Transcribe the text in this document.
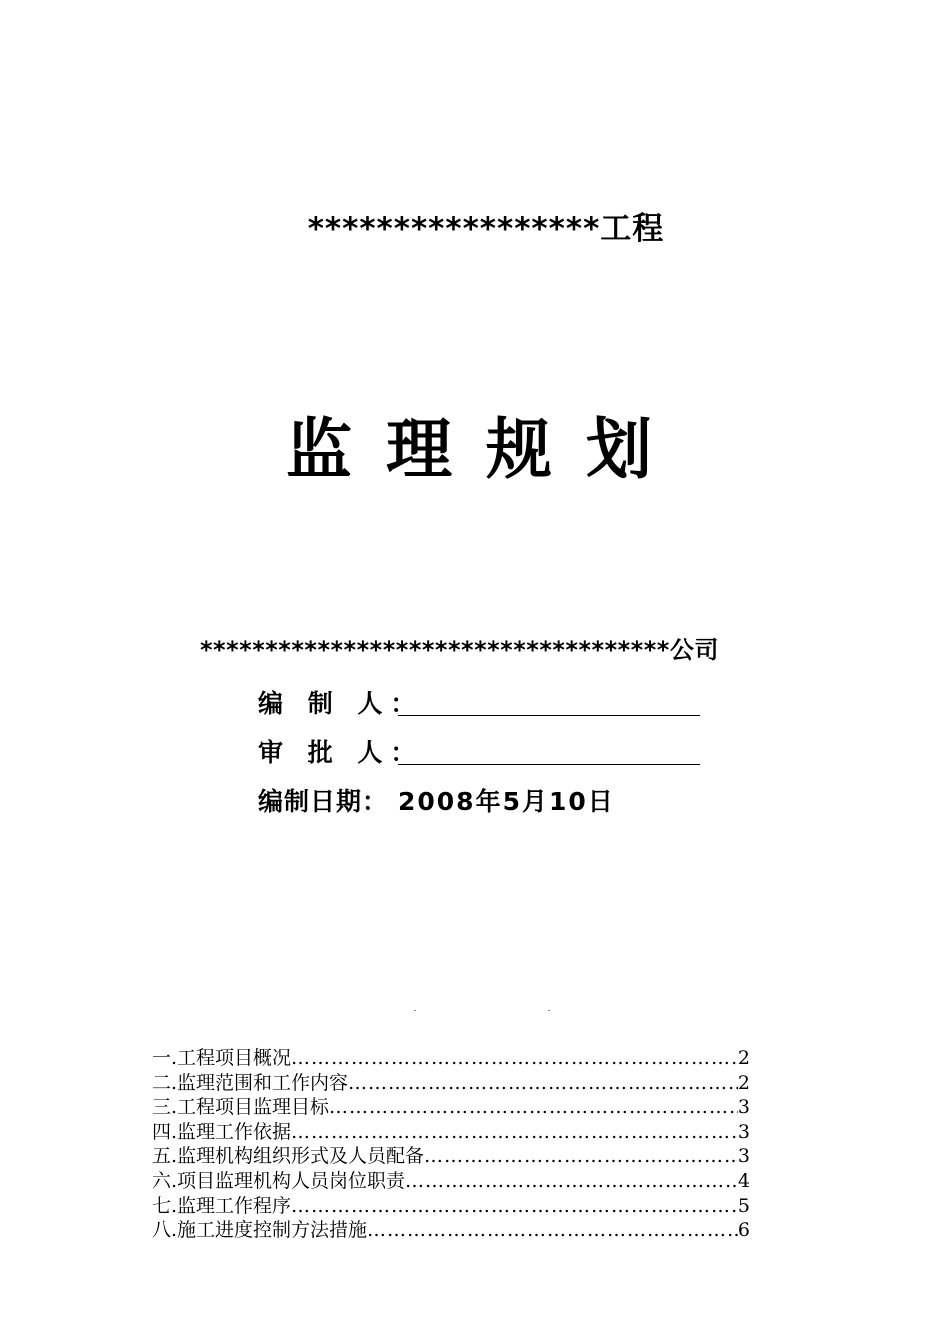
*****************工程
监理规划
************************************公司
编 制 人：
审 批 人：
编制日期： 2008年5月10日
一.工程项目概况 …………………………………………………………………………………………………………	2
二.监理范围和工作内容 …………………………………………………………………………………………………………	2
三.工程项目监理目标 …………………………………………………………………………………………………………	3
四.监理工作依据 …………………………………………………………………………………………………………	3
五.监理机构组织形式及人员配备 …………………………………………………………………………………………………………	3
六.项目监理机构人员岗位职责 …………………………………………………………………………………………………………	4
七.监理工作程序 …………………………………………………………………………………………………………	5
八.施工进度控制方法措施 …………………………………………………………………………………………………………	6
